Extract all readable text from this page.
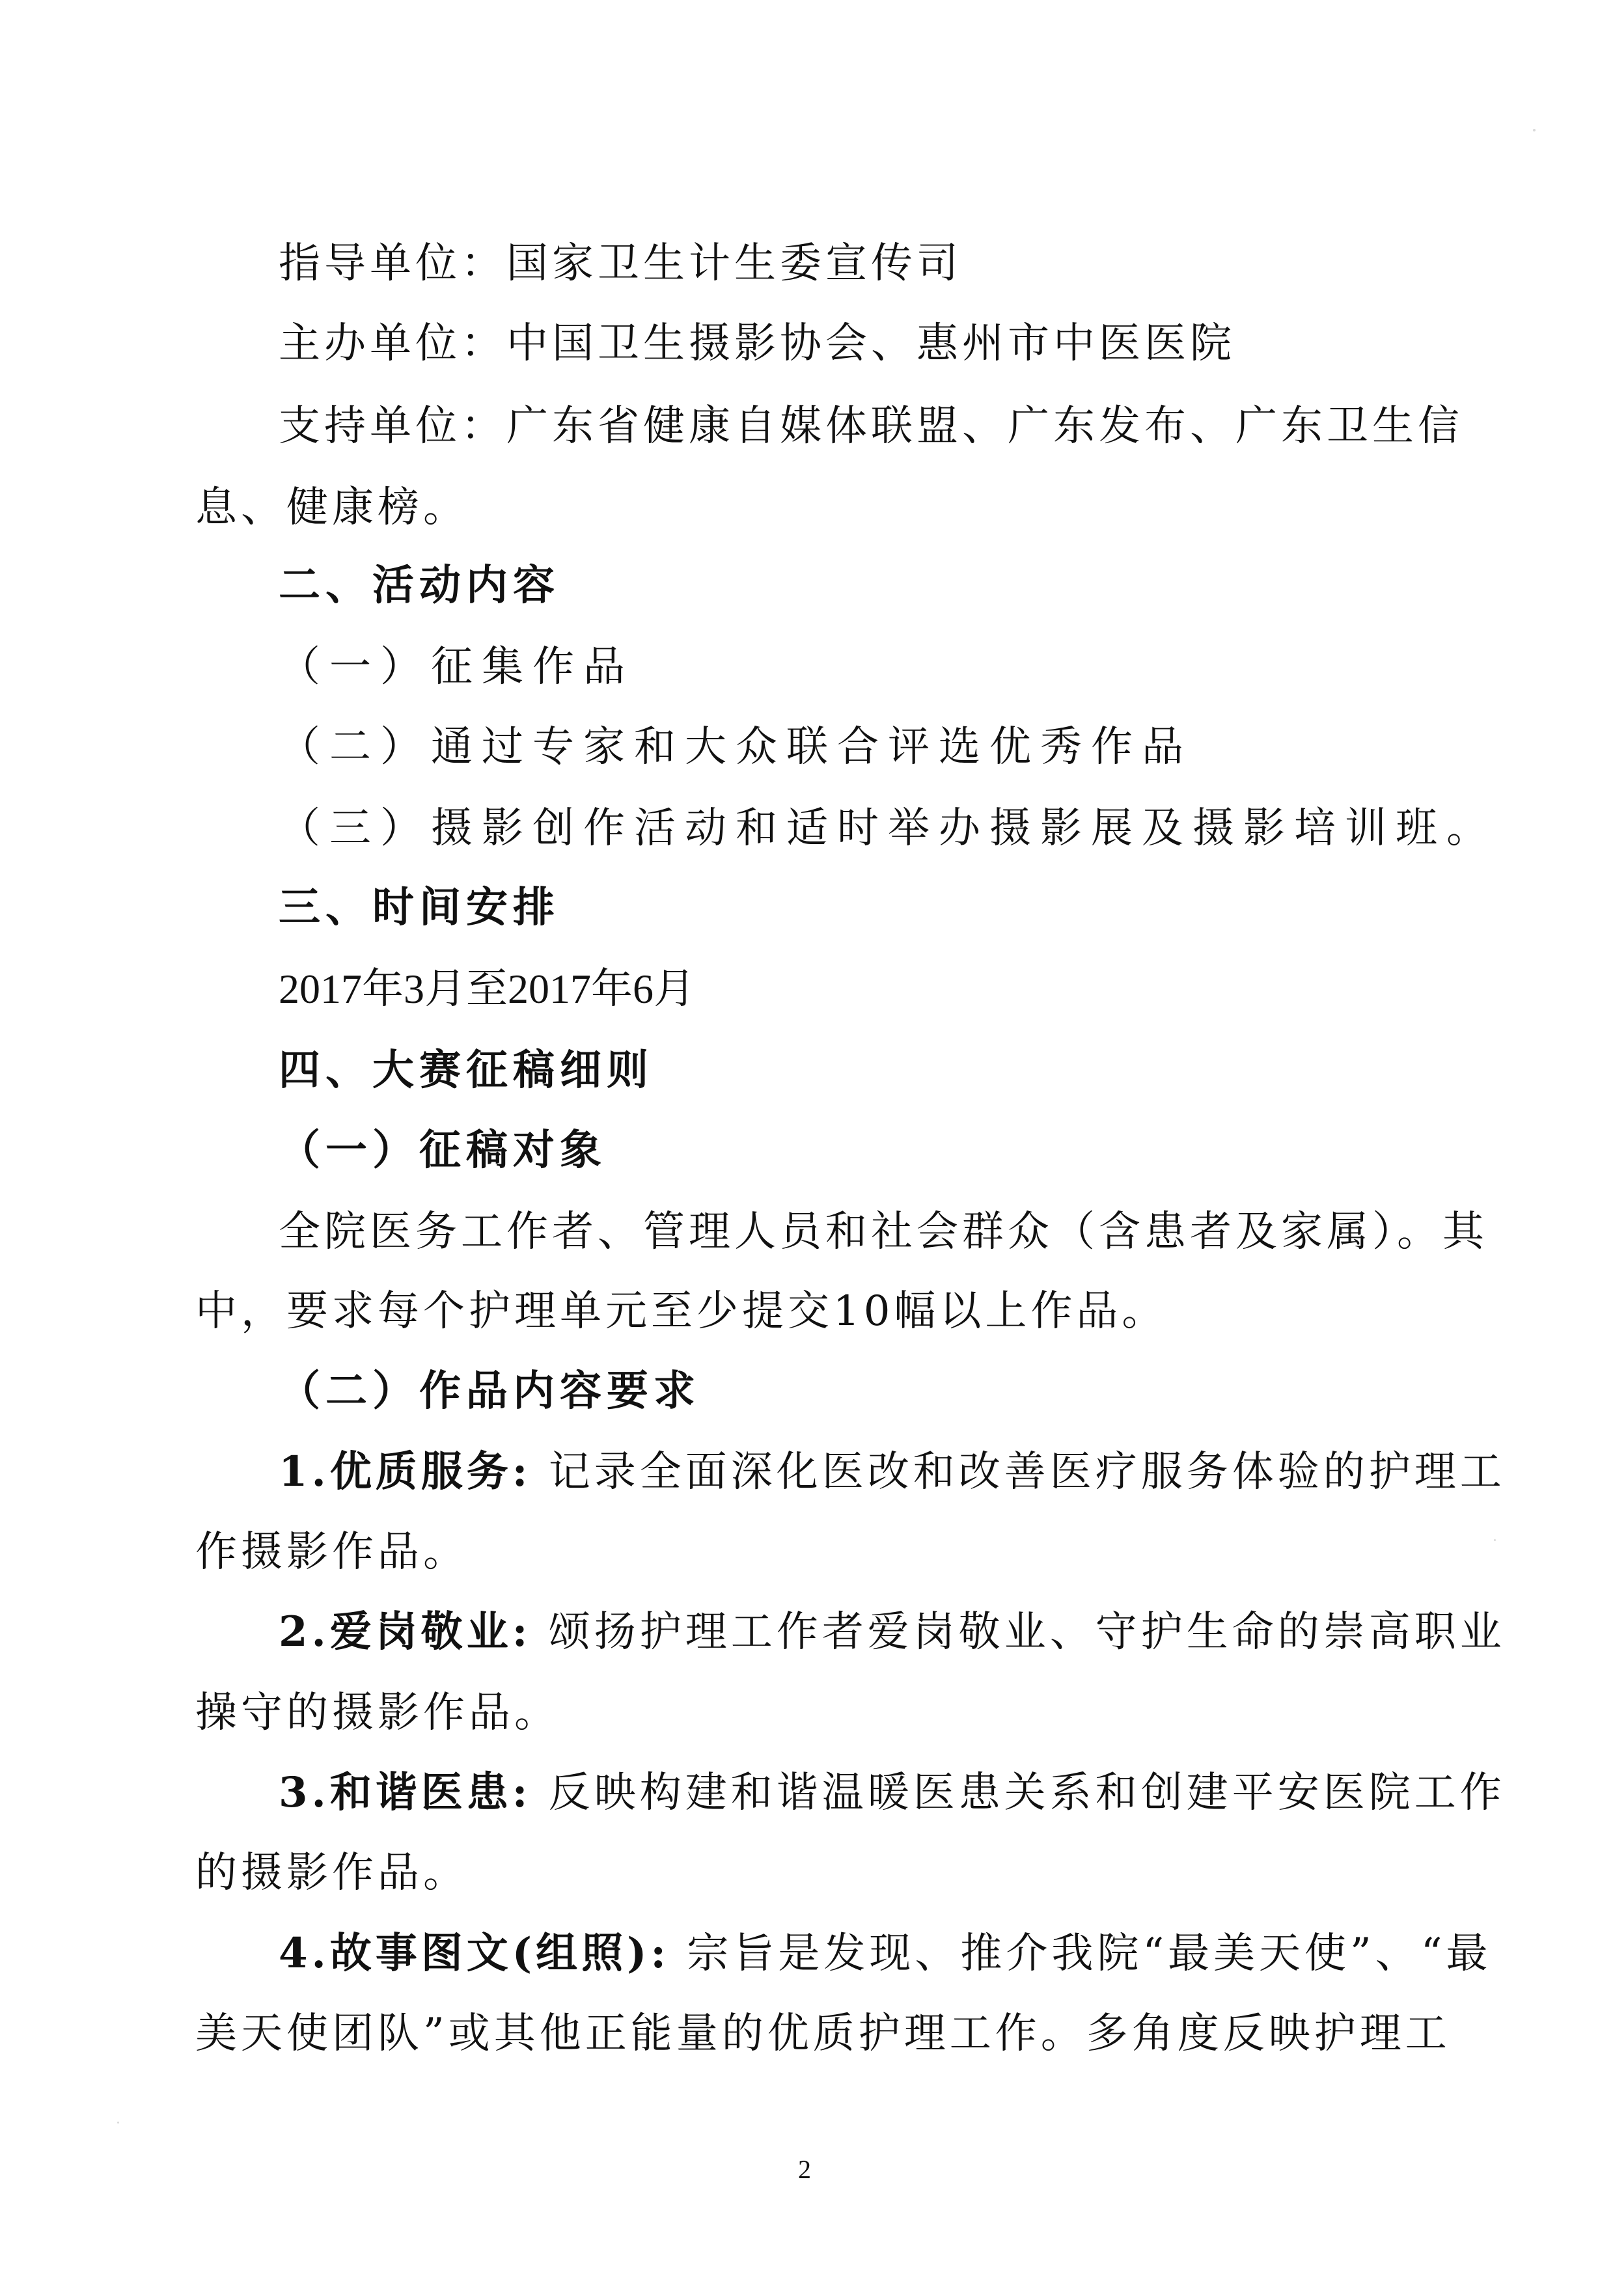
指导单位：国家卫生计生委宣传司
主办单位：中国卫生摄影协会、惠州市中医医院
支持单位：广东省健康自媒体联盟、广东发布、广东卫生信
息、健康榜。
二、活动内容
（一）征集作品
（二）通过专家和大众联合评选优秀作品
（三）摄影创作活动和适时举办摄影展及摄影培训班。
三、时间安排
2017年3月至2017年6月
四、大赛征稿细则
（一）征稿对象
全院医务工作者、管理人员和社会群众（含患者及家属）。其
中，要求每个护理单元至少提交10幅以上作品。
（二）作品内容要求
1.优质服务: 记录全面深化医改和改善医疗服务体验的护理工
作摄影作品。
2.爱岗敬业: 颂扬护理工作者爱岗敬业、守护生命的崇高职业
操守的摄影作品。
3.和谐医患: 反映构建和谐温暖医患关系和创建平安医院工作
的摄影作品。
4.故事图文(组照): 宗旨是发现、推介我院“最美天使”、“最
美天使团队”或其他正能量的优质护理工作。多角度反映护理工
2
